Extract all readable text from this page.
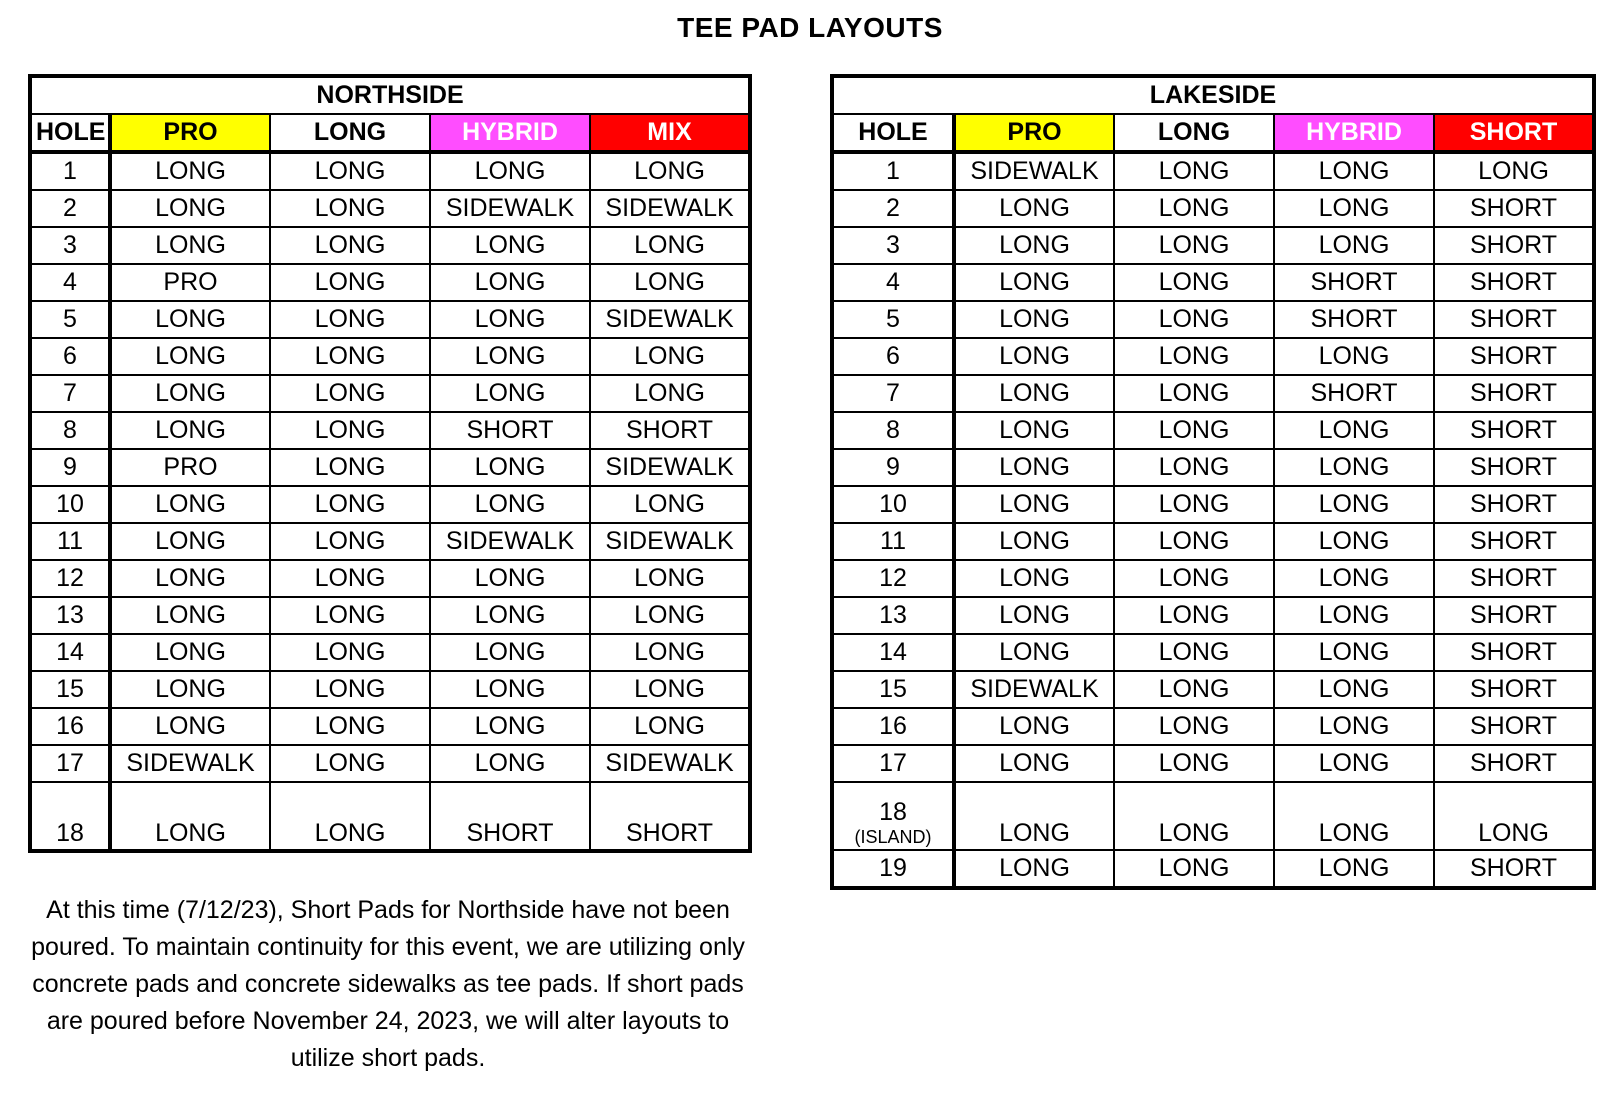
TEE PAD LAYOUTS
NORTHSIDE				
HOLE	PRO	LONG	HYBRID	MIX
1	LONG	LONG	LONG	LONG
2	LONG	LONG	SIDEWALK	SIDEWALK
3	LONG	LONG	LONG	LONG
4	PRO	LONG	LONG	LONG
5	LONG	LONG	LONG	SIDEWALK
6	LONG	LONG	LONG	LONG
7	LONG	LONG	LONG	LONG
8	LONG	LONG	SHORT	SHORT
9	PRO	LONG	LONG	SIDEWALK
10	LONG	LONG	LONG	LONG
11	LONG	LONG	SIDEWALK	SIDEWALK
12	LONG	LONG	LONG	LONG
13	LONG	LONG	LONG	LONG
14	LONG	LONG	LONG	LONG
15	LONG	LONG	LONG	LONG
16	LONG	LONG	LONG	LONG
17	SIDEWALK	LONG	LONG	SIDEWALK
18	LONG	LONG	SHORT	SHORT
LAKESIDE				
HOLE	PRO	LONG	HYBRID	SHORT
1	SIDEWALK	LONG	LONG	LONG
2	LONG	LONG	LONG	SHORT
3	LONG	LONG	LONG	SHORT
4	LONG	LONG	SHORT	SHORT
5	LONG	LONG	SHORT	SHORT
6	LONG	LONG	LONG	SHORT
7	LONG	LONG	SHORT	SHORT
8	LONG	LONG	LONG	SHORT
9	LONG	LONG	LONG	SHORT
10	LONG	LONG	LONG	SHORT
11	LONG	LONG	LONG	SHORT
12	LONG	LONG	LONG	SHORT
13	LONG	LONG	LONG	SHORT
14	LONG	LONG	LONG	SHORT
15	SIDEWALK	LONG	LONG	SHORT
16	LONG	LONG	LONG	SHORT
17	LONG	LONG	LONG	SHORT
18
(ISLAND)	LONG	LONG	LONG	LONG
19	LONG	LONG	LONG	SHORT
At this time (7/12/23), Short Pads for Northside have not been poured. To maintain continuity for this event, we are utilizing only concrete pads and concrete sidewalks as tee pads. If short pads are poured before November 24, 2023, we will alter layouts to utilize short pads.
